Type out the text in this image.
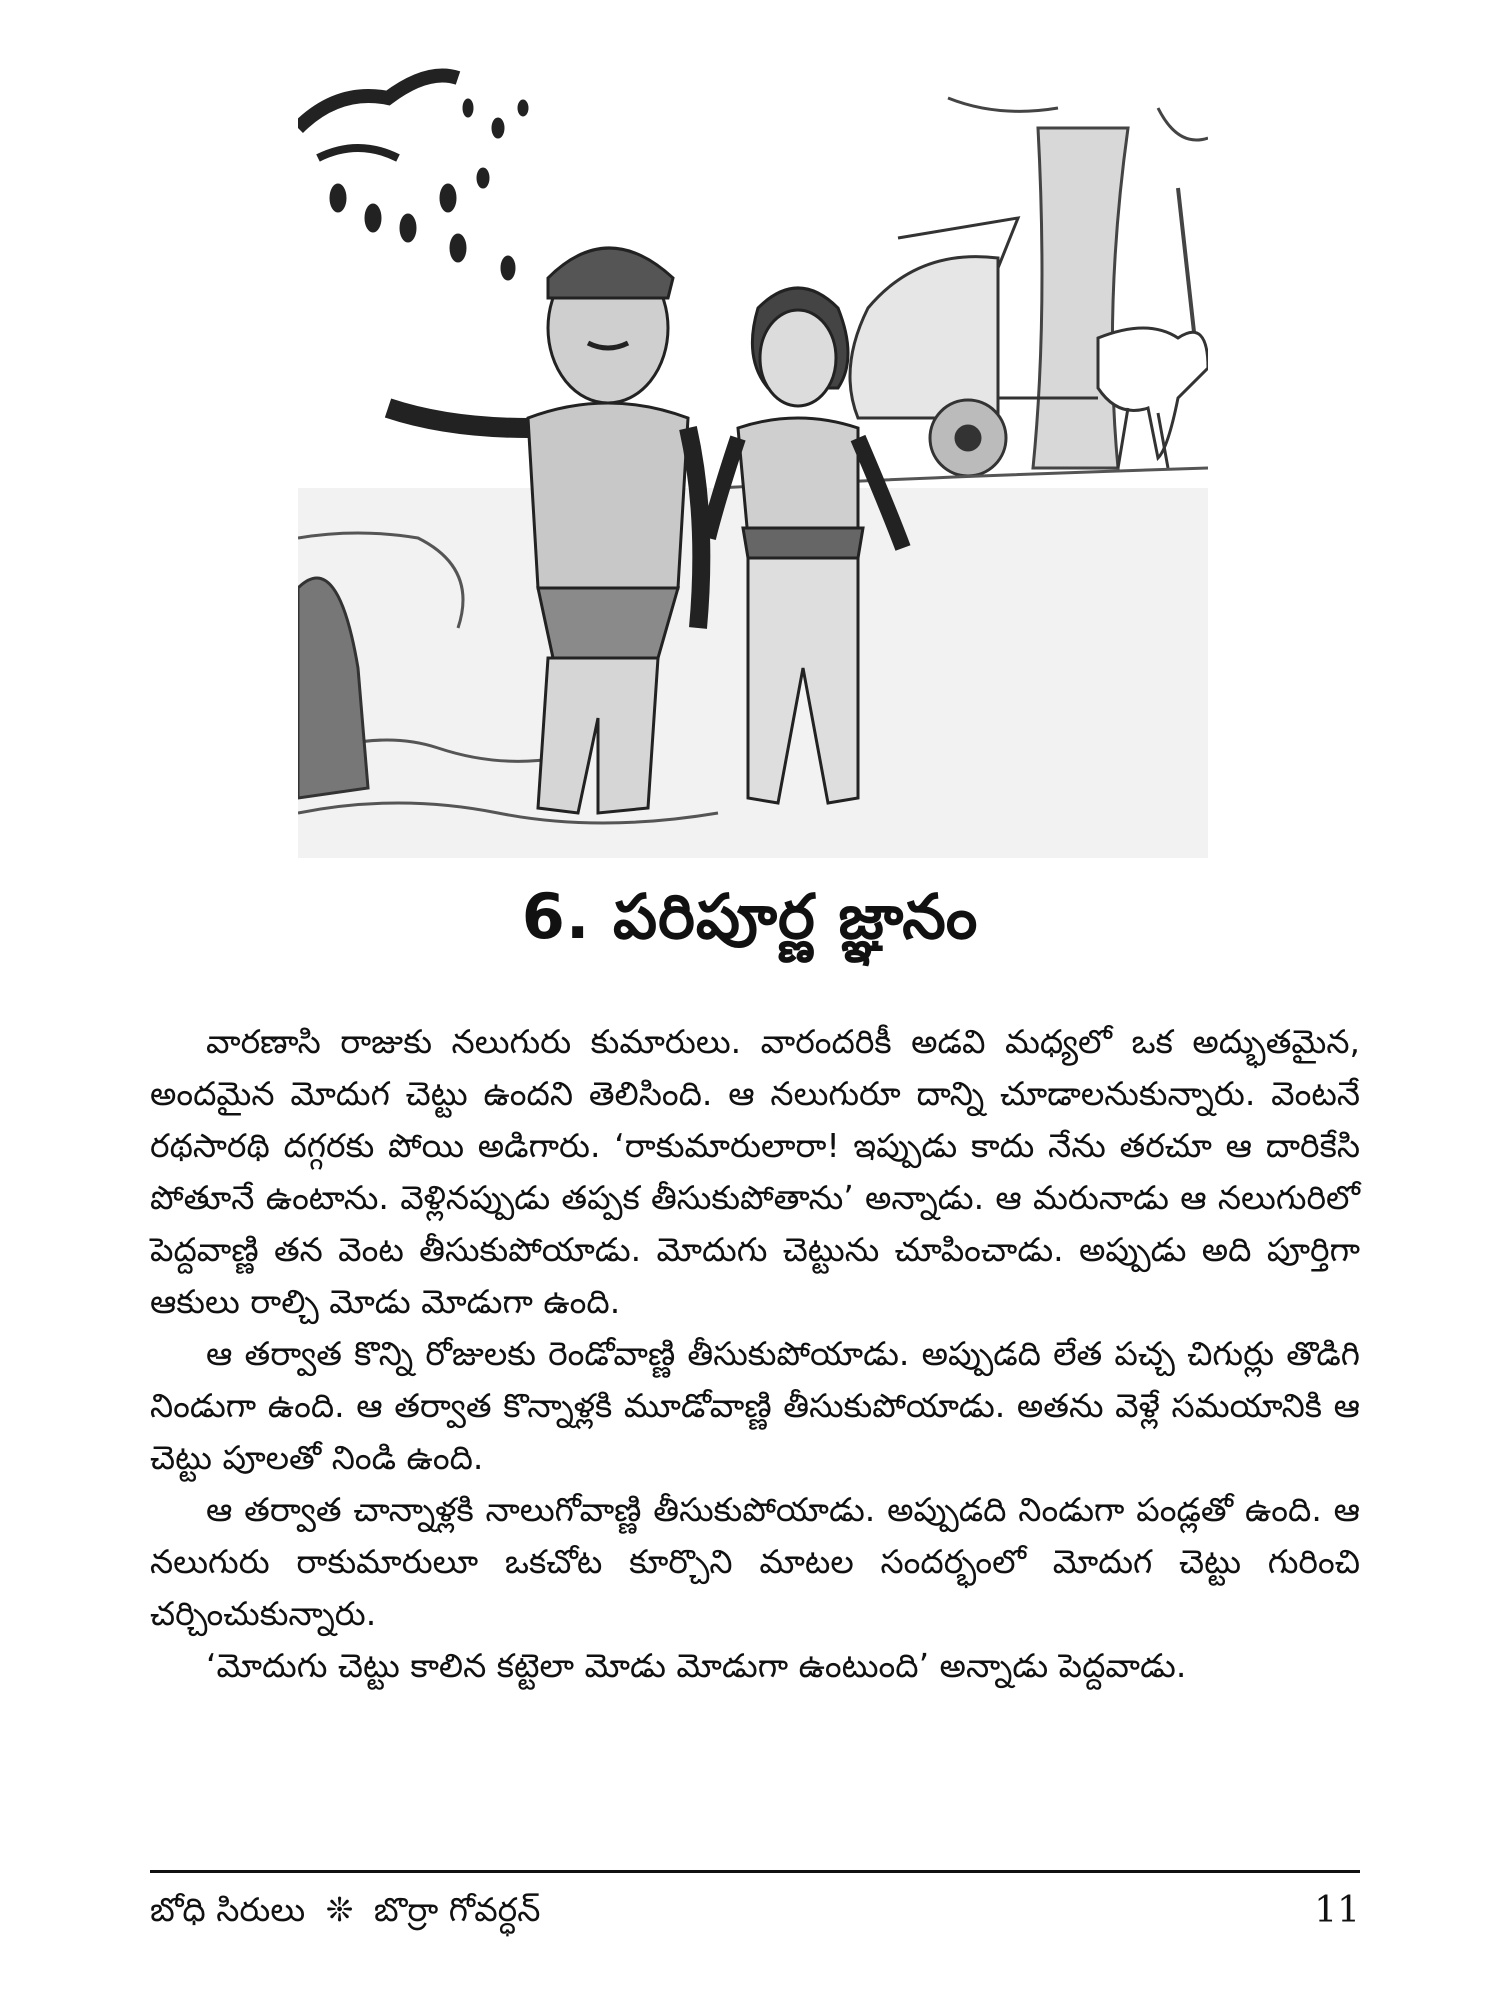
6. పరిపూర్ణ జ్ఞానం

వారణాసి రాజుకు నలుగురు కుమారులు. వారందరికీ అడవి మధ్యలో ఒక అద్భుతమైన, అందమైన మోదుగ చెట్టు ఉందని తెలిసింది. ఆ నలుగురూ దాన్ని చూడాలనుకున్నారు. వెంటనే రథసారథి దగ్గరకు పోయి అడిగారు. ‘రాకుమారులారా! ఇప్పుడు కాదు నేను తరచూ ఆ దారికేసి పోతూనే ఉంటాను. వెళ్లినప్పుడు తప్పక తీసుకుపోతాను’ అన్నాడు. ఆ మరునాడు ఆ నలుగురిలో పెద్దవాణ్ణి తన వెంట తీసుకుపోయాడు. మోదుగు చెట్టును చూపించాడు. అప్పుడు అది పూర్తిగా ఆకులు రాల్చి మోడు మోడుగా ఉంది.

ఆ తర్వాత కొన్ని రోజులకు రెండోవాణ్ణి తీసుకుపోయాడు. అప్పుడది లేత పచ్చ చిగుర్లు తొడిగి నిండుగా ఉంది. ఆ తర్వాత కొన్నాళ్లకి మూడోవాణ్ణి తీసుకుపోయాడు. అతను వెళ్లే సమయానికి ఆ చెట్టు పూలతో నిండి ఉంది.

ఆ తర్వాత చాన్నాళ్లకి నాలుగోవాణ్ణి తీసుకుపోయాడు. అప్పుడది నిండుగా పండ్లతో ఉంది. ఆ నలుగురు రాకుమారులూ ఒకచోట కూర్చొని మాటల సందర్భంలో మోదుగ చెట్టు గురించి చర్చించుకున్నారు.

‘మోదుగు చెట్టు కాలిన కట్టెలా మోడు మోడుగా ఉంటుంది’ అన్నాడు పెద్దవాడు.

బోధి సిరులు ❊ బొర్రా గోవర్ధన్	11
